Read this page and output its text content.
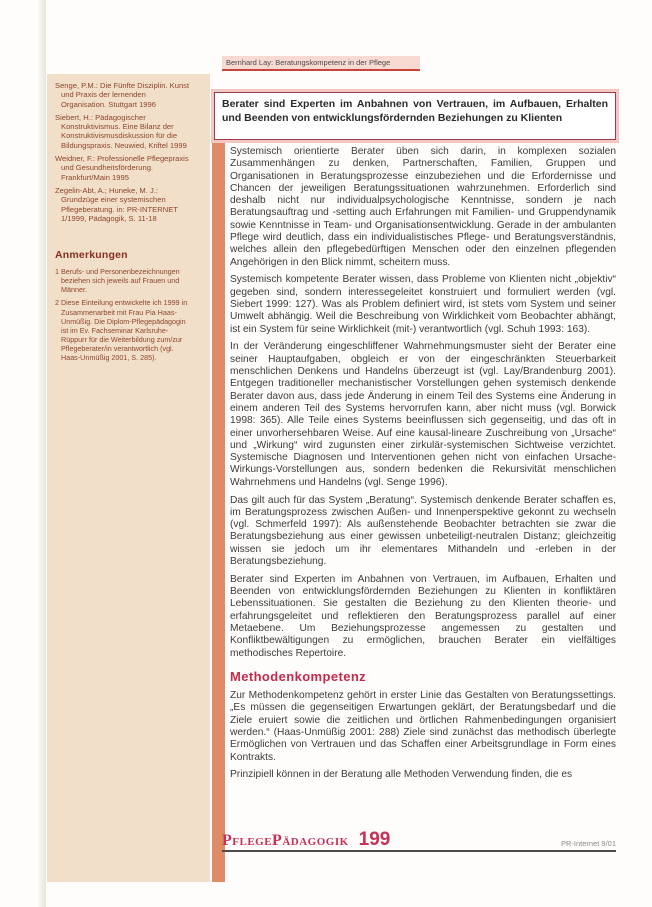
Bernhard Lay: Beratungskompetenz in der Pflege

Senge, P.M.: Die Fünfte Disziplin. Kunst und Praxis der lernenden Organisation. Stuttgart 1996

Siebert, H.: Pädagogischer Konstruktivismus. Eine Bilanz der Konstruktivismusdiskussion für die Bildungspraxis. Neuwied, Kriftel 1999

Weidner, F.: Professionelle Pflegepraxis und Gesundheitsförderung. Frankfurt/Main 1995

Zegelin-Abt, A.; Huneke, M. J.: Grundzüge einer systemischen Pflegeberatung. in: PR-INTERNET 1/1999, Pädagogik, S. 11-18

Anmerkungen

1 Berufs- und Personenbezeichnungen beziehen sich jeweils auf Frauen und Männer.

2 Diese Einteilung entwickelte ich 1999 in Zusammenarbeit mit Frau Pia Haas-Unmüßig. Die Diplom-Pflegepädagogin ist im Ev. Fachseminar Karlsruhe-Rüppurr für die Weiterbildung zum/zur Pflegeberater/in verantwortlich (vgl. Haas-Unmüßig 2001, S. 285).

Berater sind Experten im Anbahnen von Vertrauen, im Aufbauen, Erhalten und Beenden von entwicklungsfördernden Beziehungen zu Klienten

Systemisch orientierte Berater üben sich darin, in komplexen sozialen Zusammenhängen zu denken, Partnerschaften, Familien, Gruppen und Organisationen in Beratungsprozesse einzubeziehen und die Erfordernisse und Chancen der jeweiligen Beratungssituationen wahrzunehmen. Erforderlich sind deshalb nicht nur individualpsychologische Kenntnisse, sondern je nach Beratungsauftrag und -setting auch Erfahrungen mit Familien- und Gruppendynamik sowie Kenntnisse in Team- und Organisationsentwicklung. Gerade in der ambulanten Pflege wird deutlich, dass ein individualistisches Pflege- und Beratungsverständnis, welches allein den pflegebedürftigen Menschen oder den einzelnen pflegenden Angehörigen in den Blick nimmt, scheitern muss.

Systemisch kompetente Berater wissen, dass Probleme von Klienten nicht „objektiv“ gegeben sind, sondern interessegeleitet konstruiert und formuliert werden (vgl. Siebert 1999: 127). Was als Problem definiert wird, ist stets vom System und seiner Umwelt abhängig. Weil die Beschreibung von Wirklichkeit vom Beobachter abhängt, ist ein System für seine Wirklichkeit (mit-) verantwortlich (vgl. Schuh 1993: 163).

In der Veränderung eingeschliffener Wahrnehmungsmuster sieht der Berater eine seiner Hauptaufgaben, obgleich er von der eingeschränkten Steuerbarkeit menschlichen Denkens und Handelns überzeugt ist (vgl. Lay/Brandenburg 2001). Entgegen traditioneller mechanistischer Vorstellungen gehen systemisch denkende Berater davon aus, dass jede Änderung in einem Teil des Systems eine Änderung in einem anderen Teil des Systems hervorrufen kann, aber nicht muss (vgl. Borwick 1998: 365). Alle Teile eines Systems beeinflussen sich gegenseitig, und das oft in einer unvorhersehbaren Weise. Auf eine kausal-lineare Zuschreibung von „Ursache“ und „Wirkung“ wird zugunsten einer zirkulär-systemischen Sichtweise verzichtet. Systemische Diagnosen und Interventionen gehen nicht von einfachen Ursache-Wirkungs-Vorstellungen aus, sondern bedenken die Rekursivität menschlichen Wahrnehmens und Handelns (vgl. Senge 1996).

Das gilt auch für das System „Beratung“. Systemisch denkende Berater schaffen es, im Beratungsprozess zwischen Außen- und Innenperspektive gekonnt zu wechseln (vgl. Schmerfeld 1997): Als außenstehende Beobachter betrachten sie zwar die Beratungsbeziehung aus einer gewissen unbeteiligt-neutralen Distanz; gleichzeitig wissen sie jedoch um ihr elementares Mithandeln und -erleben in der Beratungsbeziehung.

Berater sind Experten im Anbahnen von Vertrauen, im Aufbauen, Erhalten und Beenden von entwicklungsfördernden Beziehungen zu Klienten in konfliktären Lebenssituationen. Sie gestalten die Beziehung zu den Klienten theorie- und erfahrungsgeleitet und reflektieren den Beratungsprozess parallel auf einer Metaebene. Um Beziehungsprozesse angemessen zu gestalten und Konfliktbewältigungen zu ermöglichen, brauchen Berater ein vielfältiges methodisches Repertoire.

Methodenkompetenz

Zur Methodenkompetenz gehört in erster Linie das Gestalten von Beratungssettings. „Es müssen die gegenseitigen Erwartungen geklärt, der Beratungsbedarf und die Ziele eruiert sowie die zeitlichen und örtlichen Rahmenbedingungen organisiert werden.“ (Haas-Unmüßig 2001: 288) Ziele sind zunächst das methodisch überlegte Ermöglichen von Vertrauen und das Schaffen einer Arbeitsgrundlage in Form eines Kontrakts.

Prinzipiell können in der Beratung alle Methoden Verwendung finden, die es

PflegePädagogik 199	PR-Internet 9/01
